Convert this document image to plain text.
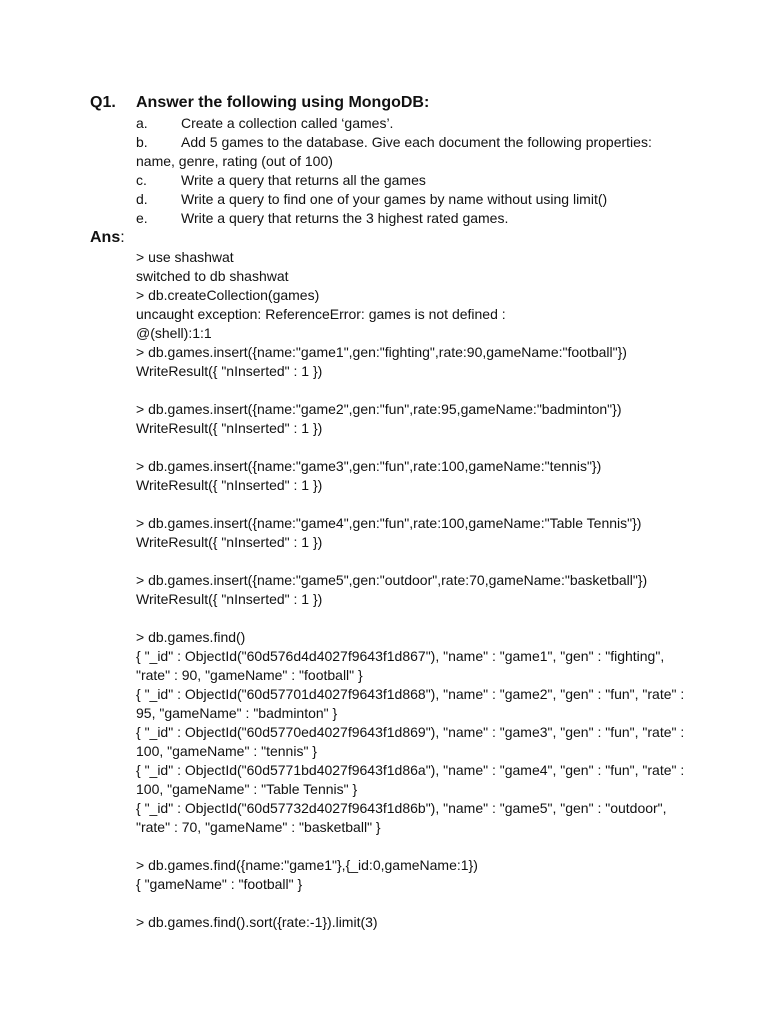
Q1. Answer the following using MongoDB:
a. Create a collection called ‘games’.
b. Add 5 games to the database. Give each document the following properties:
name, genre, rating (out of 100)
c. Write a query that returns all the games
d. Write a query to find one of your games by name without using limit()
e. Write a query that returns the 3 highest rated games.
Ans:
> use shashwat
switched to db shashwat
> db.createCollection(games)
uncaught exception: ReferenceError: games is not defined :
@(shell):1:1
> db.games.insert({name:"game1",gen:"fighting",rate:90,gameName:"football"})
WriteResult({ "nInserted" : 1 })
> db.games.insert({name:"game2",gen:"fun",rate:95,gameName:"badminton"})
WriteResult({ "nInserted" : 1 })
> db.games.insert({name:"game3",gen:"fun",rate:100,gameName:"tennis"})
WriteResult({ "nInserted" : 1 })
> db.games.insert({name:"game4",gen:"fun",rate:100,gameName:"Table Tennis"})
WriteResult({ "nInserted" : 1 })
> db.games.insert({name:"game5",gen:"outdoor",rate:70,gameName:"basketball"})
WriteResult({ "nInserted" : 1 })
> db.games.find()
{ "_id" : ObjectId("60d576d4d4027f9643f1d867"), "name" : "game1", "gen" : "fighting",
"rate" : 90, "gameName" : "football" }
{ "_id" : ObjectId("60d57701d4027f9643f1d868"), "name" : "game2", "gen" : "fun", "rate" :
95, "gameName" : "badminton" }
{ "_id" : ObjectId("60d5770ed4027f9643f1d869"), "name" : "game3", "gen" : "fun", "rate" :
100, "gameName" : "tennis" }
{ "_id" : ObjectId("60d5771bd4027f9643f1d86a"), "name" : "game4", "gen" : "fun", "rate" :
100, "gameName" : "Table Tennis" }
{ "_id" : ObjectId("60d57732d4027f9643f1d86b"), "name" : "game5", "gen" : "outdoor",
"rate" : 70, "gameName" : "basketball" }
> db.games.find({name:"game1"},{_id:0,gameName:1})
{ "gameName" : "football" }
> db.games.find().sort({rate:-1}).limit(3)
